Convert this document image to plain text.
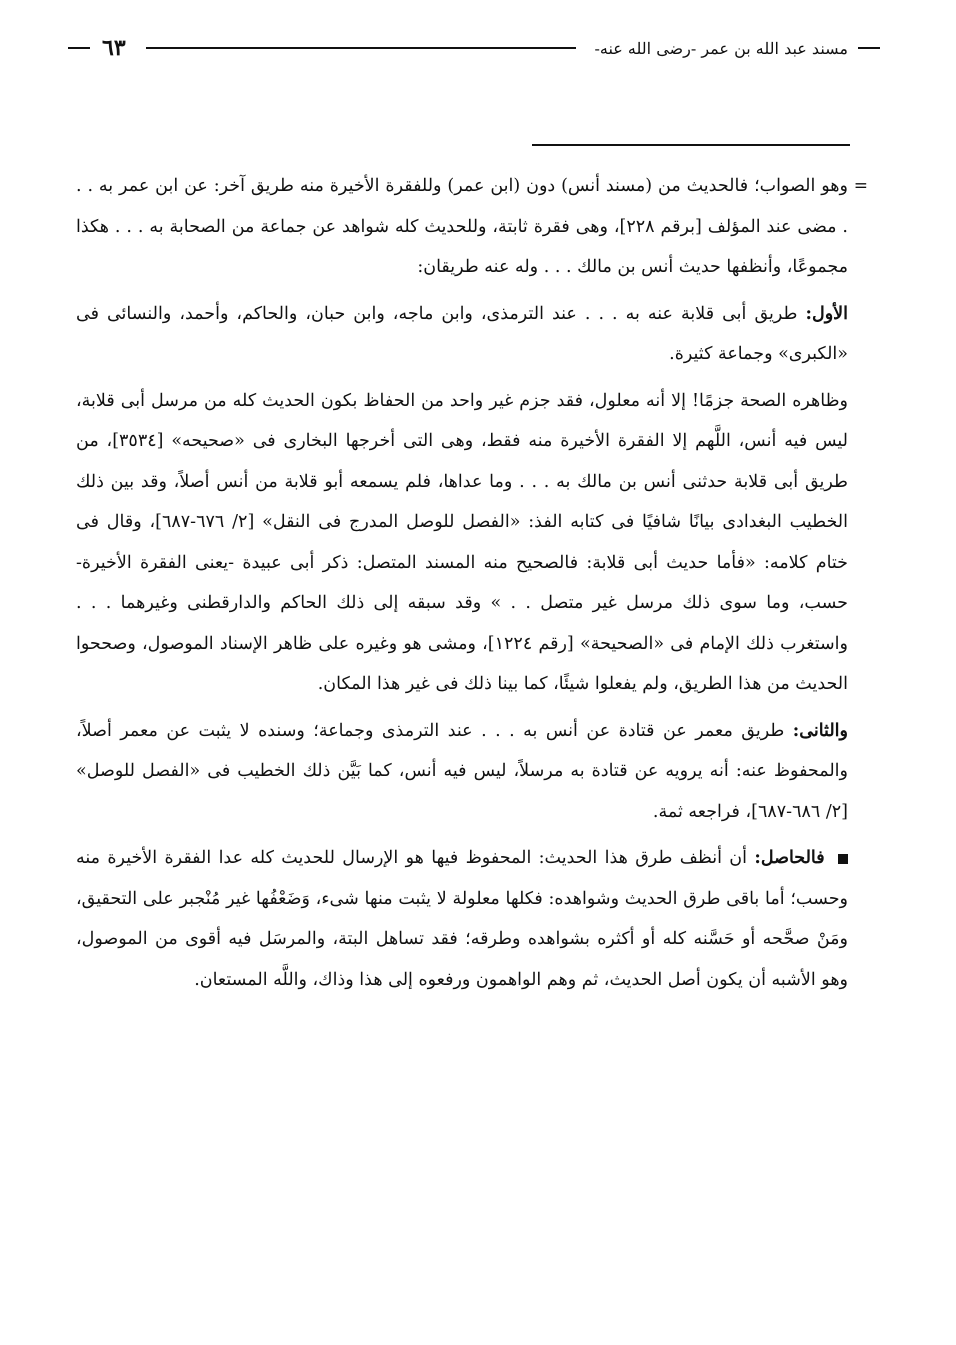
مسند عبد الله بن عمر -رضى الله عنه-
٦٣

=
وهو الصواب؛ فالحديث من (مسند أنس) دون (ابن عمر) وللفقرة الأخيرة منه طريق آخر: عن ابن عمر به . . . مضى عند المؤلف [برقم ٢٢٨]، وهى فقرة ثابتة، وللحديث كله شواهد عن جماعة من الصحابة به . . . هكذا مجموعًا، وأنظفها حديث أنس بن مالك . . . وله عنه طريقان:

الأول: طريق أبى قلابة عنه به . . . عند الترمذى، وابن ماجه، وابن حبان، والحاكم، وأحمد، والنسائى فى «الكبرى» وجماعة كثيرة.

وظاهره الصحة جزمًا! إلا أنه معلول، فقد جزم غير واحد من الحفاظ بكون الحديث كله من مرسل أبى قلابة، ليس فيه أنس، اللَّهم إلا الفقرة الأخيرة منه فقط، وهى التى أخرجها البخارى فى «صحيحه» [٣٥٣٤]، من طريق أبى قلابة حدثنى أنس بن مالك به . . . وما عداها، فلم يسمعه أبو قلابة من أنس أصلاً، وقد بين ذلك الخطيب البغدادى بيانًا شافيًا فى كتابه الفذ: «الفصل للوصل المدرج فى النقل» [٢/ ٦٧٦-٦٨٧]، وقال فى ختام كلامه: «فأما حديث أبى قلابة: فالصحيح منه المسند المتصل: ذكر أبى عبيدة -يعنى الفقرة الأخيرة- حسب، وما سوى ذلك مرسل غير متصل . . » وقد سبقه إلى ذلك الحاكم والدارقطنى وغيرهما . . . واستغرب ذلك الإمام فى «الصحيحة» [رقم ١٢٢٤]، ومشى هو وغيره على ظاهر الإسناد الموصول، وصححوا الحديث من هذا الطريق، ولم يفعلوا شيئًا، كما بينا ذلك فى غير هذا المكان.

والثانى: طريق معمر عن قتادة عن أنس به . . . عند الترمذى وجماعة؛ وسنده لا يثبت عن معمر أصلاً، والمحفوظ عنه: أنه يرويه عن قتادة به مرسلاً، ليس فيه أنس، كما بَيَّن ذلك الخطيب فى «الفصل للوصل» [٢/ ٦٨٦-٦٨٧]، فراجعه ثمة.

فالحاصل: أن أنظف طرق هذا الحديث: المحفوظ فيها هو الإرسال للحديث كله عدا الفقرة الأخيرة منه وحسب؛ أما باقى طرق الحديث وشواهده: فكلها معلولة لا يثبت منها شىء، وَضَعْفُها غير مُنْجبر على التحقيق، ومَنْ صحَّحه أو حَسَّنه كله أو أكثره بشواهده وطرقه؛ فقد تساهل البتة، والمرسَل فيه أقوى من الموصول، وهو الأشبه أن يكون أصل الحديث، ثم وهم الواهمون ورفعوه إلى هذا وذاك، واللَّه المستعان.
